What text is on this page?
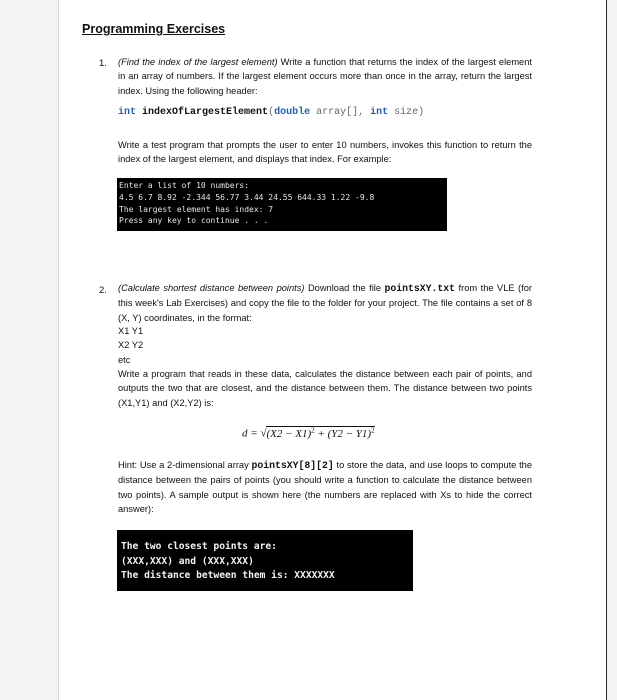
Programming Exercises
1. (Find the index of the largest element) Write a function that returns the index of the largest element in an array of numbers. If the largest element occurs more than once in the array, return the largest index. Using the following header:
int indexOfLargestElement(double array[], int size)
Write a test program that prompts the user to enter 10 numbers, invokes this function to return the index of the largest element, and displays that index. For example:
Enter a list of 10 numbers:
4.5 6.7 8.92 -2.344 56.77 3.44 24.55 644.33 1.22 -9.8
The largest element has index: 7
Press any key to continue . . .
2. (Calculate shortest distance between points) Download the file pointsXY.txt from the VLE (for this week's Lab Exercises) and copy the file to the folder for your project. The file contains a set of 8 (X, Y) coordinates, in the format:
X1 Y1
X2 Y2
etc
Write a program that reads in these data, calculates the distance between each pair of points, and outputs the two that are closest, and the distance between them. The distance between two points (X1,Y1) and (X2,Y2) is:
$d = √(X2 - X1)^2 + (Y2 - Y1)^2$
Hint: Use a 2-dimensional array pointsXY[8][2] to store the data, and use loops to compute the distance between the pairs of points (you should write a function to calculate the distance between two points). A sample output is shown here (the numbers are replaced with Xs to hide the correct answer):
The two closest points are:
(XXX,XXX) and (XXX,XXX)
The distance between them is: XXXXXXX
